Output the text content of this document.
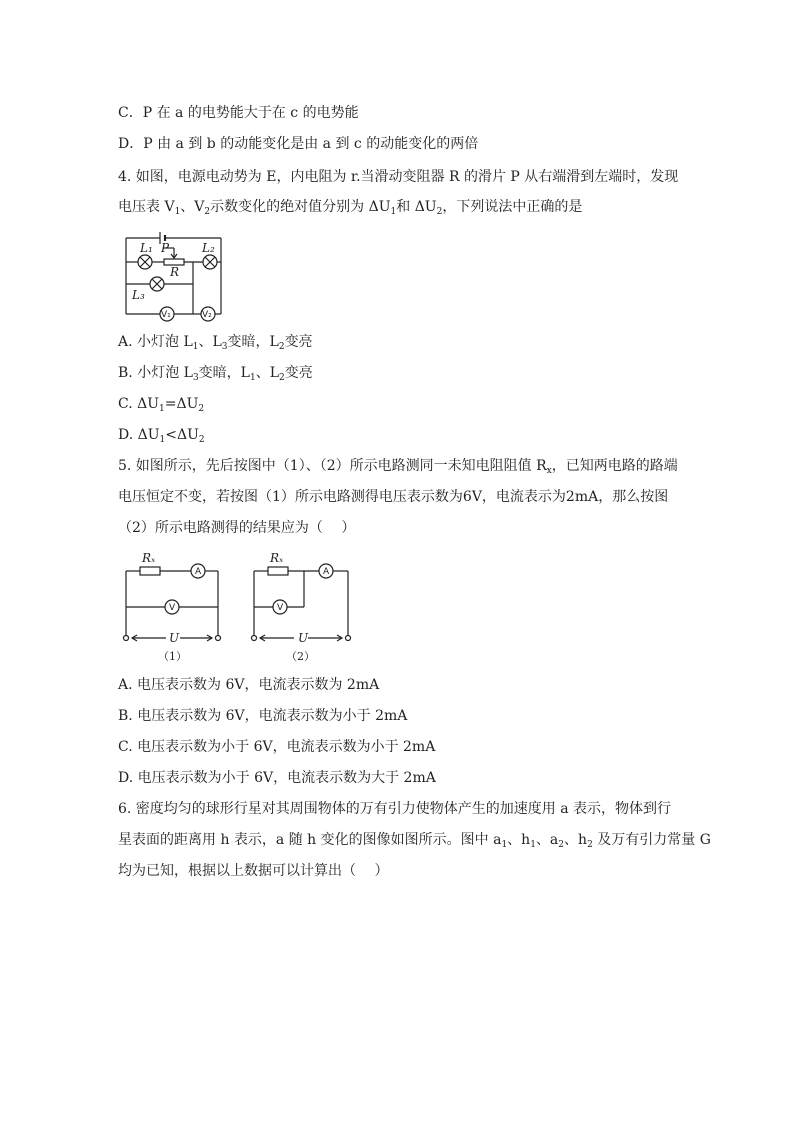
C．P 在 a 的电势能大于在 c 的电势能
D．P 由 a 到 b 的动能变化是由 a 到 c 的动能变化的两倍
4. 如图，电源电动势为 E，内电阻为 r.当滑动变阻器 R 的滑片 P 从右端滑到左端时，发现
电压表 $V_1$、$V_2$示数变化的绝对值分别为 $\Delta U_1$和 $\Delta U_2$，下列说法中正确的是
L₁	L₂
L₃
P
R
V₁	V₂
A. 小灯泡 $L_1$、$L_3$变暗，$L_2$变亮
B. 小灯泡 $L_3$变暗，$L_1$、$L_2$变亮
C. $\Delta U_1=\Delta U_2$
D. $\Delta U_1<\Delta U_2$
5. 如图所示，先后按图中（1）、（2）所示电路测同一未知电阻阻值 $R_x$，已知两电路的路端
电压恒定不变，若按图（1）所示电路测得电压表示数为6V，电流表示为2mA，那么按图
（2）所示电路测得的结果应为（　 ）
Rₓ
A
V
U
（1）
Rₓ
A
V
U
（2）
A. 电压表示数为 6V，电流表示数为 2mA
B. 电压表示数为 6V，电流表示数为小于 2mA
C. 电压表示数为小于 6V，电流表示数为小于 2mA
D. 电压表示数为小于 6V，电流表示数为大于 2mA
6. 密度均匀的球形行星对其周围物体的万有引力使物体产生的加速度用 a 表示，物体到行
星表面的距离用 h 表示，a 随 h 变化的图像如图所示。图中 $a_1$、$h_1$、$a_2$、$h_2$ 及万有引力常量 G
均为已知，根据以上数据可以计算出（　 ）
